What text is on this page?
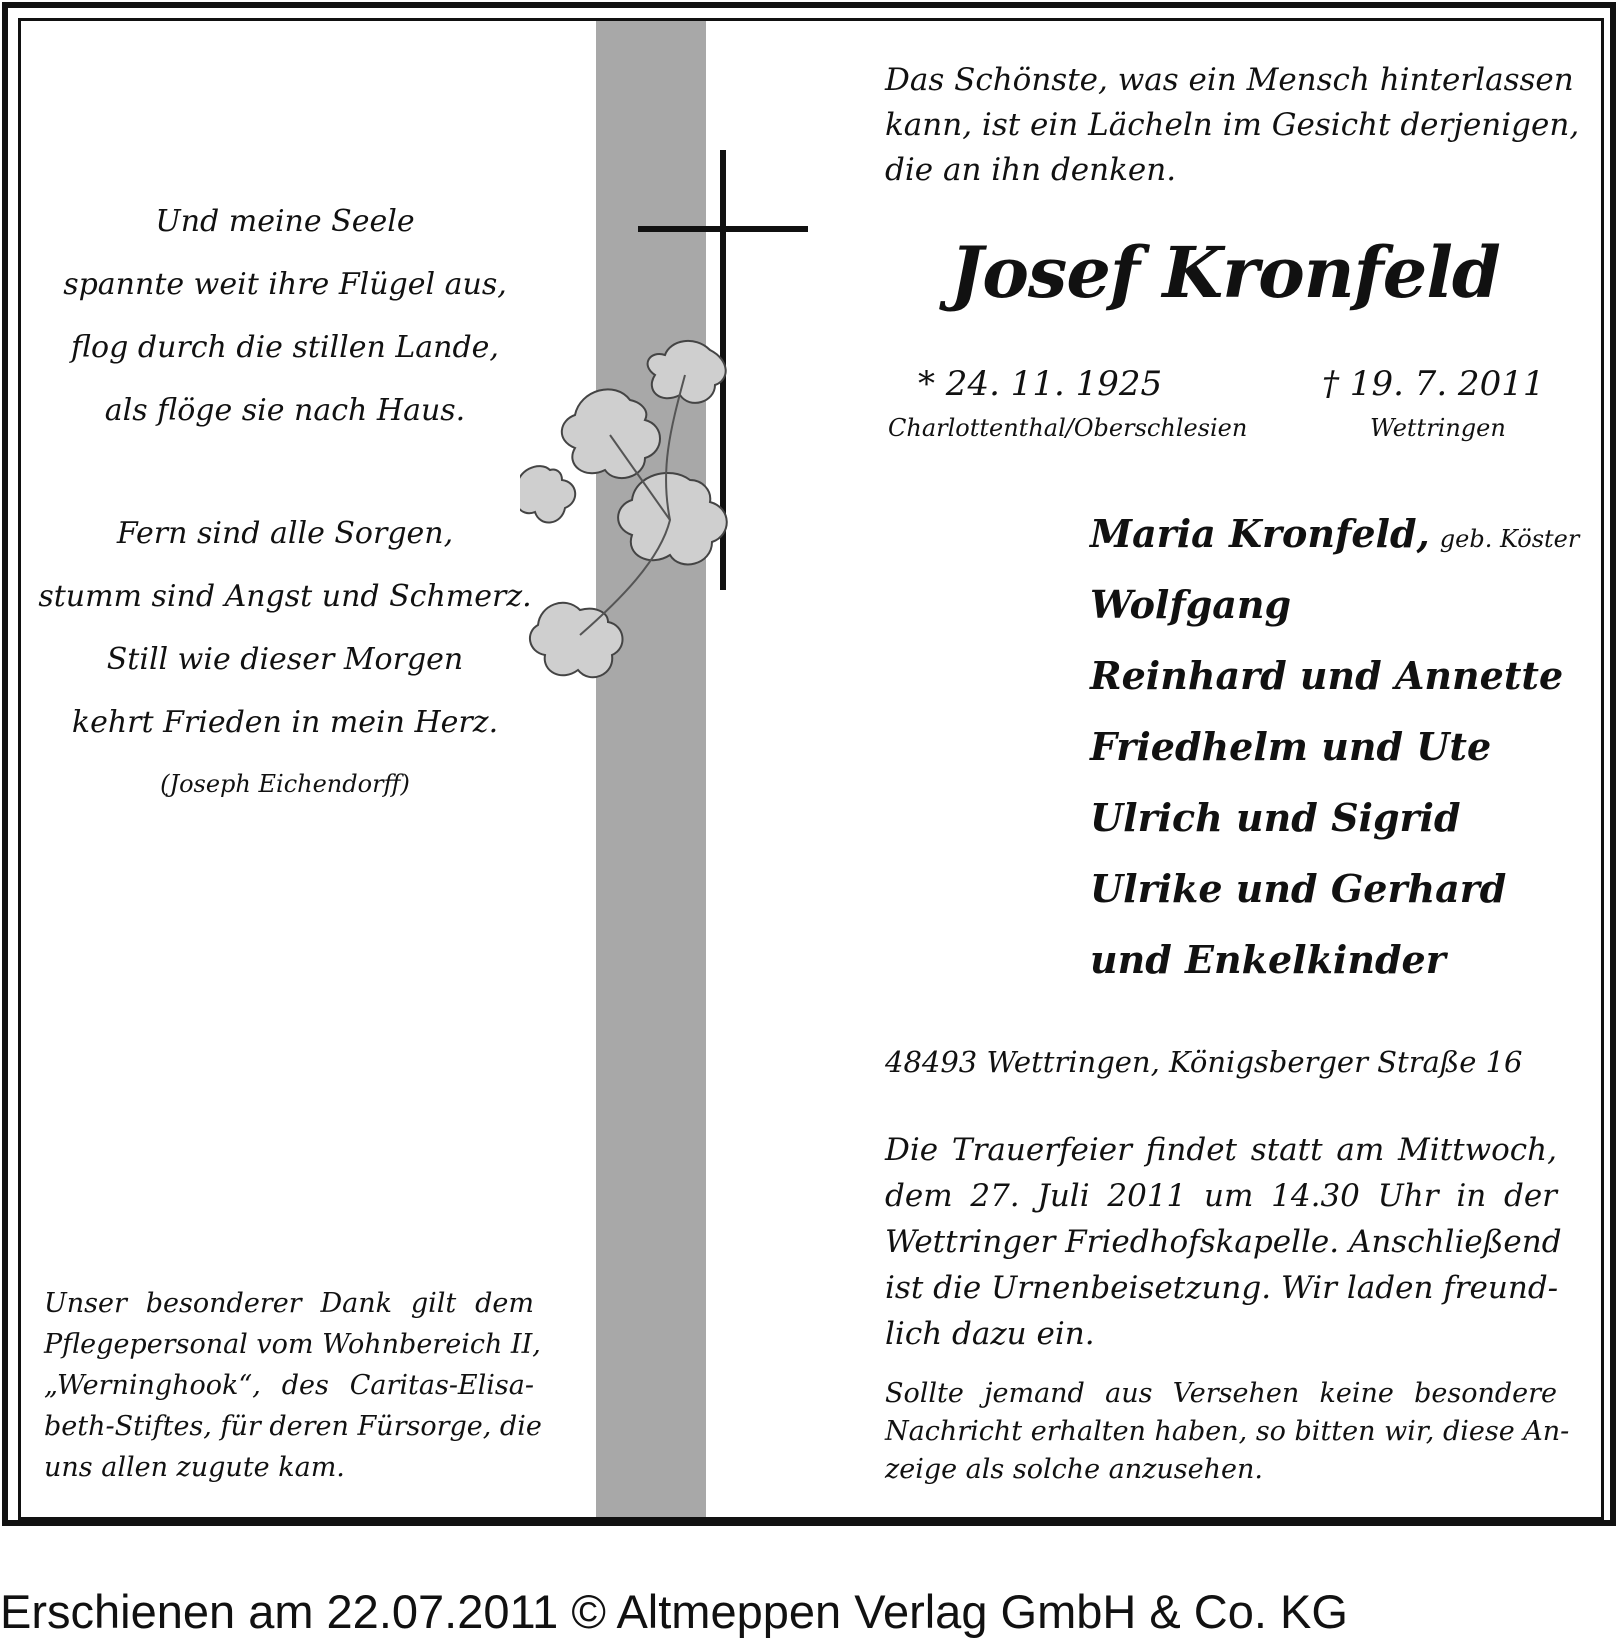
Und meine Seele
spannte weit ihre Flügel aus,
flog durch die stillen Lande,
als flöge sie nach Haus.
Fern sind alle Sorgen,
stumm sind Angst und Schmerz.
Still wie dieser Morgen
kehrt Frieden in mein Herz.
(Joseph Eichendorff)
Unser besonderer Dank gilt dem
Pflegepersonal vom Wohnbereich II,
„Werninghook“, des Caritas-Elisa-
beth-Stiftes, für deren Fürsorge, die
uns allen zugute kam.
Das Schönste, was ein Mensch hinterlassen
kann, ist ein Lächeln im Gesicht derjenigen,
die an ihn denken.
Josef Kronfeld
* 24. 11. 1925	† 19. 7. 2011
Charlottenthal/Oberschlesien	Wettringen
Maria Kronfeld, geb. Köster
Wolfgang
Reinhard und Annette
Friedhelm und Ute
Ulrich und Sigrid
Ulrike und Gerhard
und Enkelkinder
48493 Wettringen, Königsberger Straße 16
Die Trauerfeier findet statt am Mittwoch,
dem 27. Juli 2011 um 14.30 Uhr in der
Wettringer Friedhofskapelle. Anschließend
ist die Urnenbeisetzung. Wir laden freund-
lich dazu ein.
Sollte jemand aus Versehen keine besondere
Nachricht erhalten haben, so bitten wir, diese An-
zeige als solche anzusehen.
Erschienen am 22.07.2011 © Altmeppen Verlag GmbH & Co. KG
